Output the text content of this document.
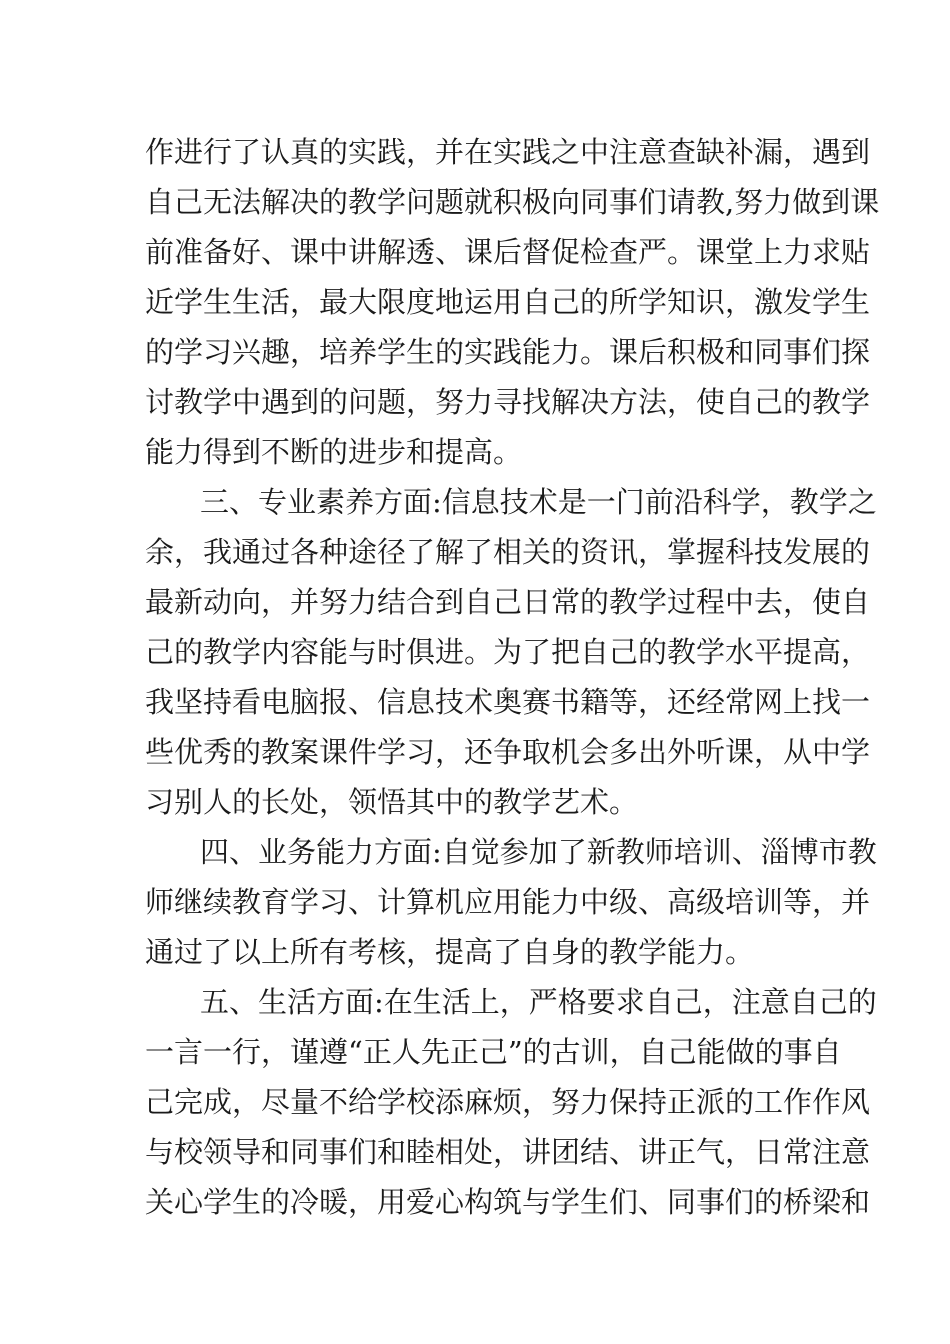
作进行了认真的实践，并在实践之中注意查缺补漏，遇到
自己无法解决的教学问题就积极向同事们请教,努力做到课
前准备好、课中讲解透、课后督促检查严。课堂上力求贴
近学生生活，最大限度地运用自己的所学知识，激发学生
的学习兴趣，培养学生的实践能力。课后积极和同事们探
讨教学中遇到的问题，努力寻找解决方法，使自己的教学
能力得到不断的进步和提高。
三、专业素养方面:信息技术是一门前沿科学，教学之
余，我通过各种途径了解了相关的资讯，掌握科技发展的
最新动向，并努力结合到自己日常的教学过程中去，使自
己的教学内容能与时俱进。为了把自己的教学水平提高，
我坚持看电脑报、信息技术奥赛书籍等，还经常网上找一
些优秀的教案课件学习，还争取机会多出外听课，从中学
习别人的长处，领悟其中的教学艺术。
四、业务能力方面:自觉参加了新教师培训、淄博市教
师继续教育学习、计算机应用能力中级、高级培训等，并
通过了以上所有考核，提高了自身的教学能力。
五、生活方面:在生活上，严格要求自己，注意自己的
一言一行，谨遵“正人先正己”的古训，自己能做的事自
己完成，尽量不给学校添麻烦，努力保持正派的工作作风
与校领导和同事们和睦相处，讲团结、讲正气，日常注意
关心学生的冷暖，用爱心构筑与学生们、同事们的桥梁和
